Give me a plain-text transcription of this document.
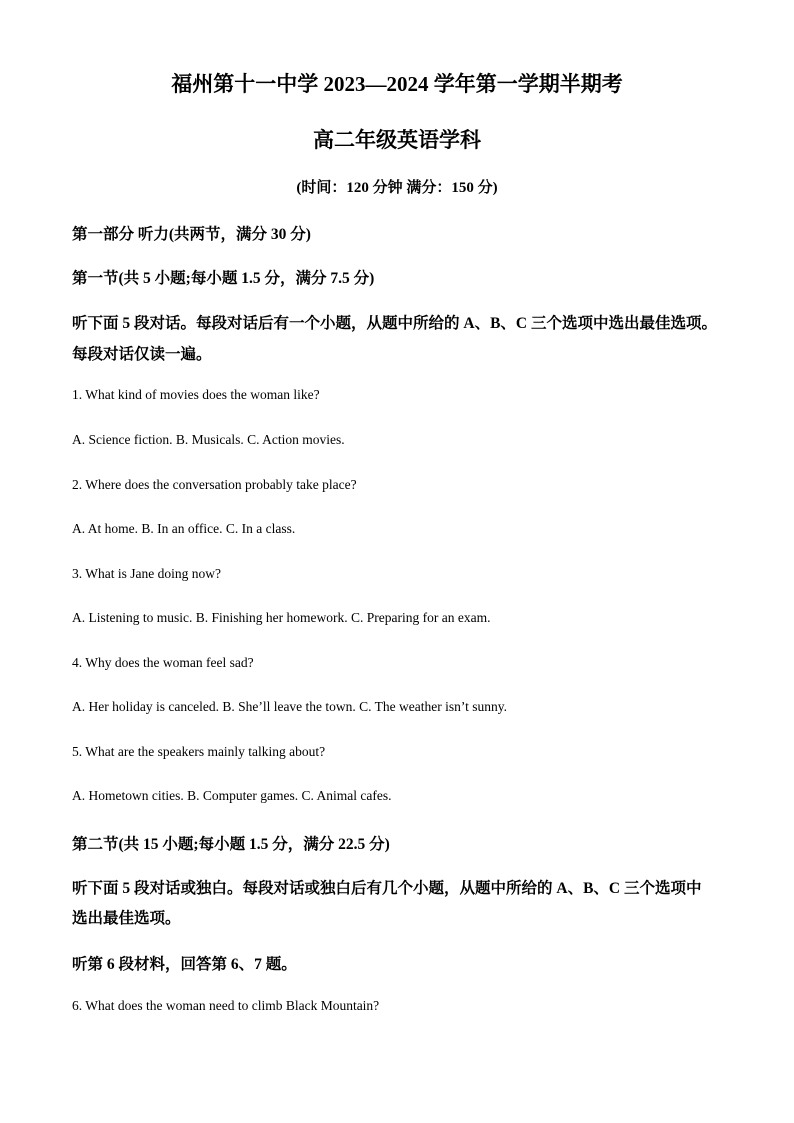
福州第十一中学 2023—2024 学年第一学期半期考
高二年级英语学科
(时间：120 分钟 满分：150 分)
第一部分 听力(共两节，满分 30 分)
第一节(共 5 小题;每小题 1.5 分，满分 7.5 分)
听下面 5 段对话。每段对话后有一个小题，从题中所给的 A、B、C 三个选项中选出最佳选项。
每段对话仅读一遍。
1. What kind of movies does the woman like?
A. Science fiction. B. Musicals. C. Action movies.
2. Where does the conversation probably take place?
A. At home. B. In an office. C. In a class.
3. What is Jane doing now?
A. Listening to music. B. Finishing her homework. C. Preparing for an exam.
4. Why does the woman feel sad?
A. Her holiday is canceled. B. She’ll leave the town. C. The weather isn’t sunny.
5. What are the speakers mainly talking about?
A. Hometown cities. B. Computer games. C. Animal cafes.
第二节(共 15 小题;每小题 1.5 分，满分 22.5 分)
听下面 5 段对话或独白。每段对话或独白后有几个小题，从题中所给的 A、B、C 三个选项中
选出最佳选项。
听第 6 段材料，回答第 6、7 题。
6. What does the woman need to climb Black Mountain?
